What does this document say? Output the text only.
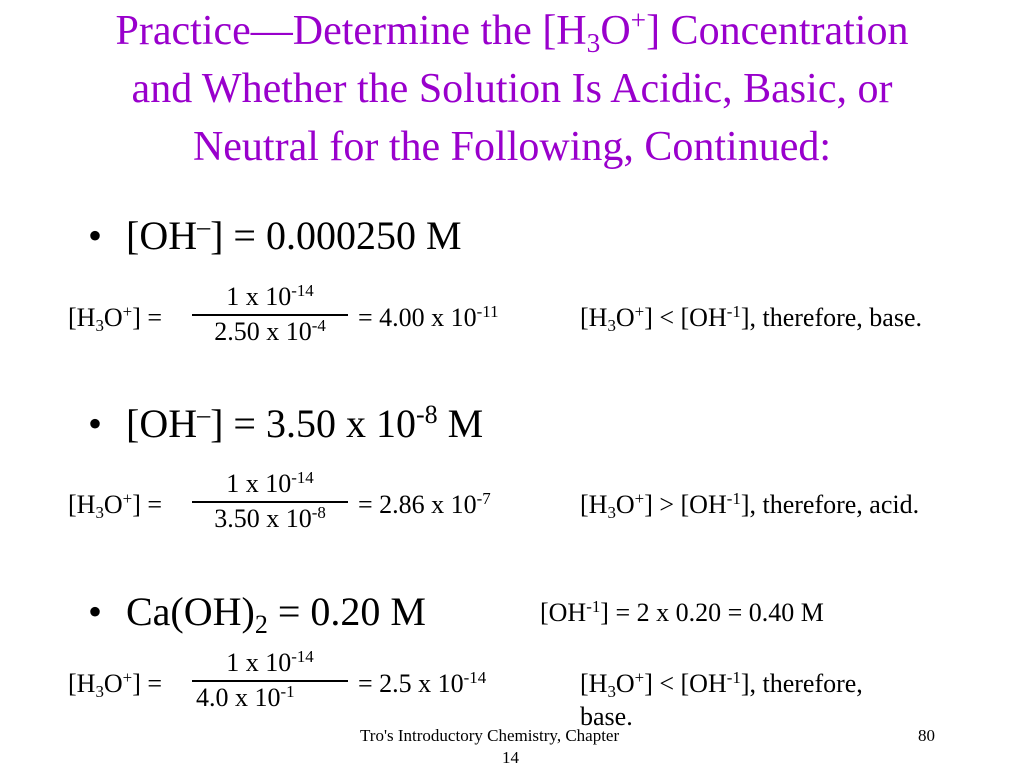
Practice—Determine the $[H_3O^+]$ Concentration
and Whether the Solution Is Acidic, Basic, or
Neutral for the Following, Continued:
• [OH–] = 0.000250 M
$[H_3O^+]$ =
1 x $10^{-14}$
2.50 x $10^{-4}$	= 4.00 x $10^{-11}$	$[H_3O^+] < [OH^{-1}]$, therefore, base.
• [OH–] = 3.50 x $10^{-8}$ M
$[H_3O^+]$ =
1 x $10^{-14}$
3.50 x $10^{-8}$	= 2.86 x $10^{-7}$	$[H_3O^+] > [OH^{-1}]$, therefore, acid.
• $Ca(OH)_2 = 0.20$ M	$[OH^{-1}] = 2$ x 0.20 = 0.40 M
$[H_3O^+]$ =
1 x $10^{-14}$
4.0 x $10^{-1}$	= 2.5 x $10^{-14}$	$[H_3O^+] < [OH^{-1}]$, therefore,
base.
Tro's Introductory Chemistry, Chapter
14
80
